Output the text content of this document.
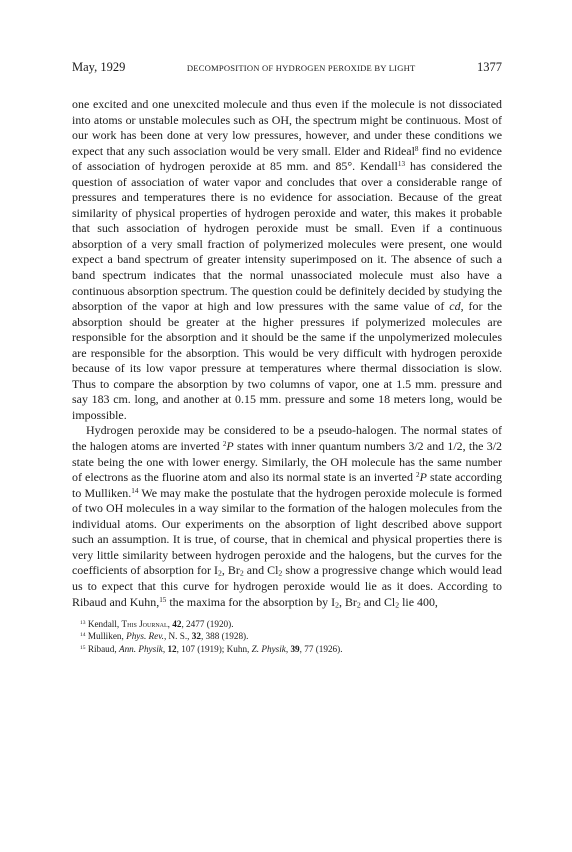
May, 1929	DECOMPOSITION OF HYDROGEN PEROXIDE BY LIGHT	1377

one excited and one unexcited molecule and thus even if the molecule is not dissociated into atoms or unstable molecules such as OH, the spectrum might be continuous. Most of our work has been done at very low pressures, however, and under these conditions we expect that any such association would be very small. Elder and Rideal$^8$ find no evidence of association of hydrogen peroxide at 85 mm. and 85°. Kendall$^{13}$ has considered the question of association of water vapor and concludes that over a considerable range of pressures and temperatures there is no evidence for association. Because of the great similarity of physical properties of hydrogen peroxide and water, this makes it probable that such association of hydrogen peroxide must be small. Even if a continuous absorption of a very small fraction of polymerized molecules were present, one would expect a band spectrum of greater intensity superimposed on it. The absence of such a band spectrum indicates that the normal unassociated molecule must also have a continuous absorption spectrum. The question could be definitely decided by studying the absorption of the vapor at high and low pressures with the same value of cd, for the absorption should be greater at the higher pressures if polymerized molecules are responsible for the absorption and it should be the same if the unpolymerized molecules are responsible for the absorption. This would be very difficult with hydrogen peroxide because of its low vapor pressure at temperatures where thermal dissociation is slow. Thus to compare the absorption by two columns of vapor, one at 1.5 mm. pressure and say 183 cm. long, and another at 0.15 mm. pressure and some 18 meters long, would be impossible.

Hydrogen peroxide may be considered to be a pseudo-halogen. The normal states of the halogen atoms are inverted $^2$P states with inner quantum numbers 3/2 and 1/2, the 3/2 state being the one with lower energy. Similarly, the OH molecule has the same number of electrons as the fluorine atom and also its normal state is an inverted $^2$P state according to Mulliken.$^{14}$ We may make the postulate that the hydrogen peroxide molecule is formed of two OH molecules in a way similar to the formation of the halogen molecules from the individual atoms. Our experiments on the absorption of light described above support such an assumption. It is true, of course, that in chemical and physical properties there is very little similarity between hydrogen peroxide and the halogens, but the curves for the coefficients of absorption for $I_2$, $Br_2$ and $Cl_2$ show a progressive change which would lead us to expect that this curve for hydrogen peroxide would lie as it does. According to Ribaud and Kuhn,$^{15}$ the maxima for the absorption by $I_2$, $Br_2$ and $Cl_2$ lie 400,

$^{13}$ Kendall, This Journal, 42, 2477 (1920).
$^{14}$ Mulliken, Phys. Rev., N. S., 32, 388 (1928).
$^{15}$ Ribaud, Ann. Physik, 12, 107 (1919); Kuhn, Z. Physik, 39, 77 (1926).
